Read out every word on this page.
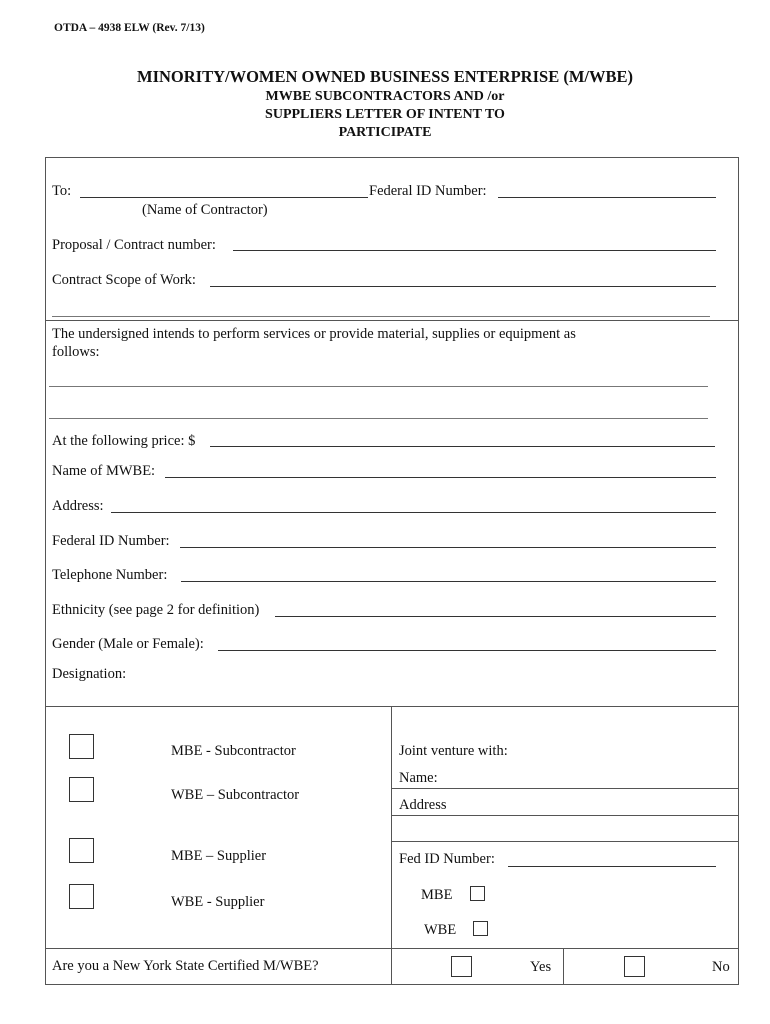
OTDA – 4938 ELW (Rev. 7/13)
MINORITY/WOMEN OWNED BUSINESS ENTERPRISE (M/WBE)
MWBE SUBCONTRACTORS AND /or
SUPPLIERS LETTER OF INTENT TO
PARTICIPATE
To:	Federal ID Number:
(Name of Contractor)
Proposal / Contract number:
Contract Scope of Work:
The undersigned intends to perform services or provide material, supplies or equipment as
follows:
At the following price: $
Name of MWBE:
Address:
Federal ID Number:
Telephone Number:
Ethnicity (see page 2 for definition)
Gender (Male or Female):
Designation:
MBE - Subcontractor
WBE – Subcontractor
MBE – Supplier
WBE - Supplier
Joint venture with:
Name:
Address
Fed ID Number:
MBE
WBE
Are you a New York State Certified M/WBE?	Yes	No
